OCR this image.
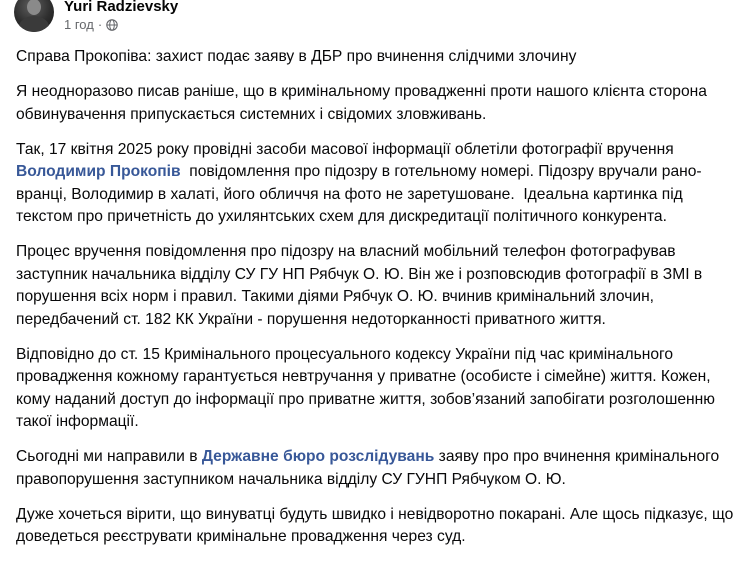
Yuri Radzievsky
1 год ·

Справа Прокопіва: захист подає заяву в ДБР про вчинення слідчими злочину

Я неодноразово писав раніше, що в кримінальному провадженні проти нашого клієнта сторона обвинувачення припускається системних і свідомих зловживань.

Так, 17 квітня 2025 року провідні засоби масової інформації облетіли фотографії вручення Володимир Прокопів  повідомлення про підозру в готельному номері. Підозру вручали рано-вранці, Володимир в халаті, його обличчя на фото не заретушоване.  Ідеальна картинка під текстом про причетність до ухилянтських схем для дискредитації політичного конкурента.

Процес вручення повідомлення про підозру на власний мобільний телефон фотографував заступник начальника відділу СУ ГУ НП Рябчук О. Ю. Він же і розповсюдив фотографії в ЗМІ в порушення всіх норм і правил. Такими діями Рябчук О. Ю. вчинив кримінальний злочин, передбачений ст. 182 КК України - порушення недоторканності приватного життя.

Відповідно до ст. 15 Кримінального процесуального кодексу України під час кримінального провадження кожному гарантується невтручання у приватне (особисте і сімейне) життя. Кожен, кому наданий доступ до інформації про приватне життя, зобов’язаний запобігати розголошенню такої інформації.

Сьогодні ми направили в Державне бюро розслідувань заяву про про вчинення кримінального правопорушення заступником начальника відділу СУ ГУНП Рябчуком О. Ю.

Дуже хочеться вірити, що винуватці будуть швидко і невідворотно покарані. Але щось підказує, що доведеться реєструвати кримінальне провадження через суд.
